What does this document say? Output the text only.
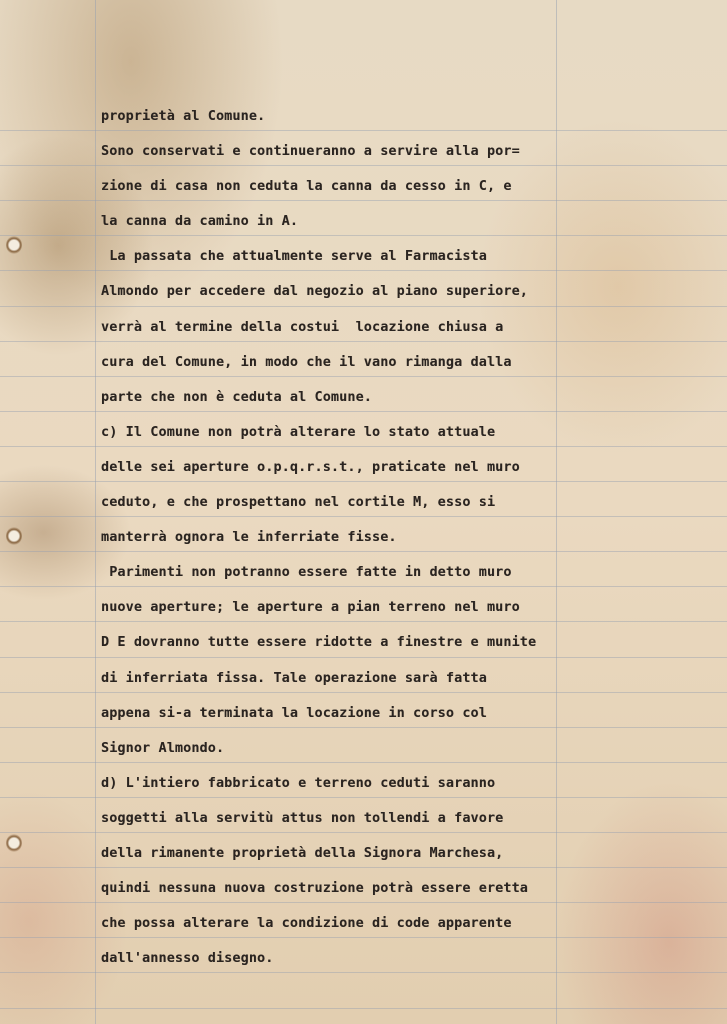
proprietà al Comune.
Sono conservati e continueranno a servire alla por=
zione di casa non ceduta la canna da cesso in C, e
la canna da camino in A.
La passata che attualmente serve al Farmacista
Almondo per accedere dal negozio al piano superiore,
verrà al termine della costui  locazione chiusa a
cura del Comune, in modo che il vano rimanga dalla
parte che non è ceduta al Comune.
c) Il Comune non potrà alterare lo stato attuale
delle sei aperture o.p.q.r.s.t., praticate nel muro
ceduto, e che prospettano nel cortile M, esso si
manterrà ognora le inferriate fisse.
Parimenti non potranno essere fatte in detto muro
nuove aperture; le aperture a pian terreno nel muro
D E dovranno tutte essere ridotte a finestre e munite
di inferriata fissa. Tale operazione sarà fatta
appena si-a terminata la locazione in corso col
Signor Almondo.
d) L'intiero fabbricato e terreno ceduti saranno
soggetti alla servitù attus non tollendi a favore
della rimanente proprietà della Signora Marchesa,
quindi nessuna nuova costruzione potrà essere eretta
che possa alterare la condizione di code apparente
dall'annesso disegno.
